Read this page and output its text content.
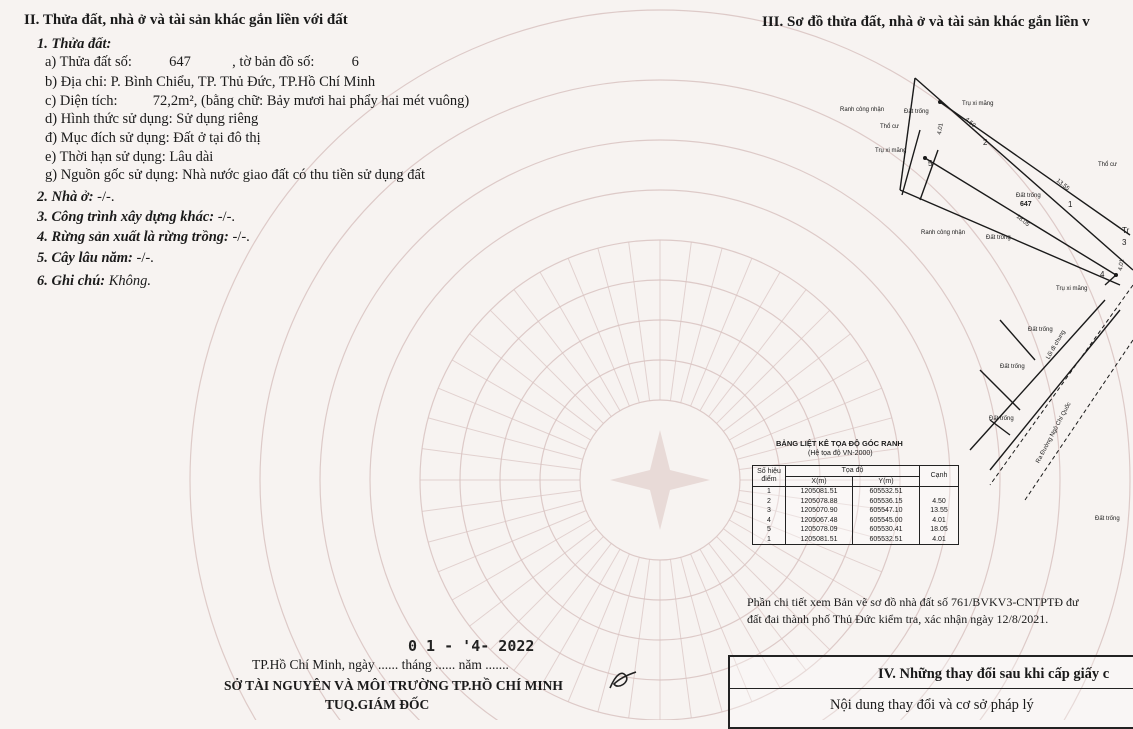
II. Thửa đất, nhà ở và tài sản khác gắn liền với đất
1. Thửa đất:
a) Thửa đất số:	647	, tờ bản đồ số:	6
b) Địa chỉ: P. Bình Chiểu, TP. Thủ Đức, TP.Hồ Chí Minh
c) Diện tích: 72,2m², (bằng chữ: Bảy mươi hai phẩy hai mét vuông)
d) Hình thức sử dụng: Sử dụng riêng
đ) Mục đích sử dụng: Đất ở tại đô thị
e) Thời hạn sử dụng: Lâu dài
g) Nguồn gốc sử dụng: Nhà nước giao đất có thu tiền sử dụng đất
2. Nhà ở: -/-.
3. Công trình xây dựng khác: -/-.
4. Rừng sản xuất là rừng trồng: -/-.
5. Cây lâu năm: -/-.
6. Ghi chú: Không.
III. Sơ đồ thửa đất, nhà ở và tài sản khác gắn liền v
Ranh công nhận	Đất trống
Trụ xi măng
Thổ cư
Trụ xi măng
Thổ cư
Đất trống
647
Ranh công nhận
Đất trống
Trụ xi măng
Đất trống
Đất trống
Đất trống
Đất trống
Lối đi chung
Ra Đường Ngô Chí Quốc
4.50
13.55
18.05
4.01
4.01
Tr
1
2
3
4
5
BẢNG LIỆT KÊ TỌA ĐỘ GÓC RANH
(Hệ tọa độ VN-2000)
Số hiệu điểm	Tọa độ		Cạnh
	X(m)	Y(m)	
1	1205081.51	605532.51	
2	1205078.88	605536.15	4.50
3	1205070.90	605547.10	13.55
4	1205067.48	605545.00	4.01
5	1205078.09	605530.41	18.05
1	1205081.51	605532.51	4.01
Phần chi tiết xem Bản vẽ sơ đồ nhà đất số 761/BVKV3-CNTPTĐ đư
đất đai thành phố Thủ Đức kiểm tra, xác nhận ngày 12/8/2021.
0 1 - '4- 2022
TP.Hồ Chí Minh, ngày ...... tháng ...... năm .......
SỞ TÀI NGUYÊN VÀ MÔI TRƯỜNG TP.HỒ CHÍ MINH
TUQ.GIÁM ĐỐC
IV. Những thay đổi sau khi cấp giấy c
Nội dung thay đổi và cơ sở pháp lý
